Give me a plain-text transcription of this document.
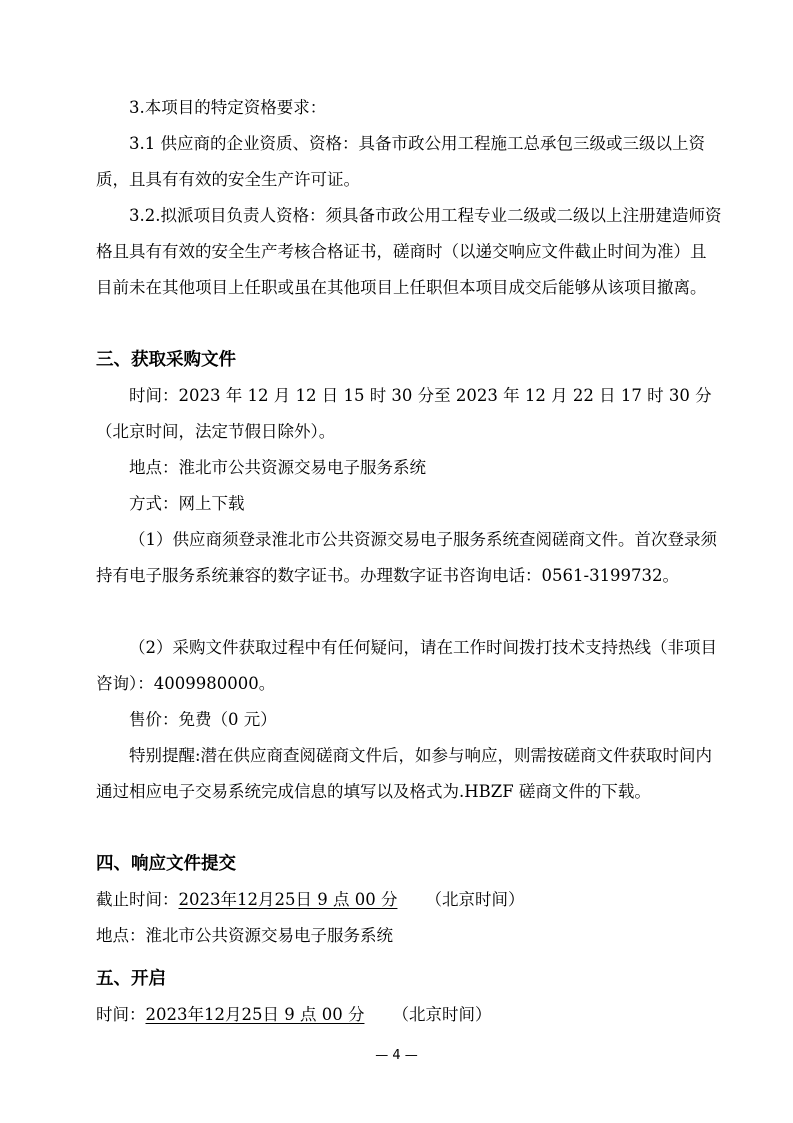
3.本项目的特定资格要求：
3.1 供应商的企业资质、资格：具备市政公用工程施工总承包三级或三级以上资质，且具有有效的安全生产许可证。
3.2.拟派项目负责人资格：须具备市政公用工程专业二级或二级以上注册建造师资格且具有有效的安全生产考核合格证书，磋商时（以递交响应文件截止时间为准）且目前未在其他项目上任职或虽在其他项目上任职但本项目成交后能够从该项目撤离。
三、获取采购文件
时间：2023 年 12 月 12 日 15 时 30 分至 2023 年 12 月 22 日 17 时 30 分（北京时间，法定节假日除外）。
地点：淮北市公共资源交易电子服务系统
方式：网上下载
（1）供应商须登录淮北市公共资源交易电子服务系统查阅磋商文件。首次登录须持有电子服务系统兼容的数字证书。办理数字证书咨询电话：0561-3199732。
（2）采购文件获取过程中有任何疑问，请在工作时间拨打技术支持热线（非项目咨询）：4009980000。
售价：免费（0 元）
特别提醒:潜在供应商查阅磋商文件后，如参与响应，则需按磋商文件获取时间内通过相应电子交易系统完成信息的填写以及格式为.HBZF 磋商文件的下载。
四、响应文件提交
截止时间：2023年12月25日 9 点 00 分 （北京时间）
地点：淮北市公共资源交易电子服务系统
五、开启
时间：2023年12月25日 9 点 00 分 （北京时间）
— 4 —
